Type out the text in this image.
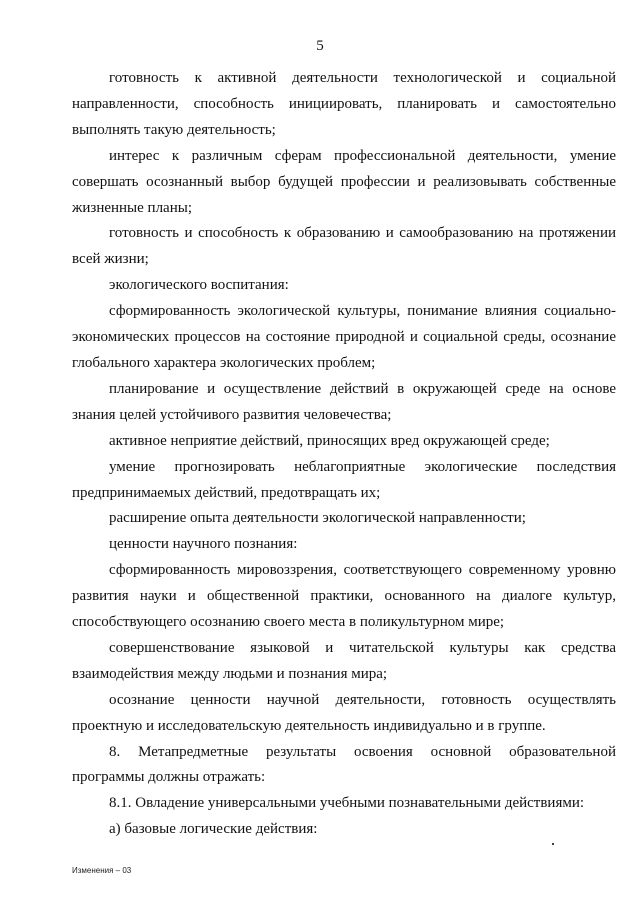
5

готовность к активной деятельности технологической и социальной направленности, способность инициировать, планировать и самостоятельно выполнять такую деятельность;

интерес к различным сферам профессиональной деятельности, умение совершать осознанный выбор будущей профессии и реализовывать собственные жизненные планы;

готовность и способность к образованию и самообразованию на протяжении всей жизни;

экологического воспитания:

сформированность экологической культуры, понимание влияния социально-экономических процессов на состояние природной и социальной среды, осознание глобального характера экологических проблем;

планирование и осуществление действий в окружающей среде на основе знания целей устойчивого развития человечества;

активное неприятие действий, приносящих вред окружающей среде;

умение прогнозировать неблагоприятные экологические последствия предпринимаемых действий, предотвращать их;

расширение опыта деятельности экологической направленности;

ценности научного познания:

сформированность мировоззрения, соответствующего современному уровню развития науки и общественной практики, основанного на диалоге культур, способствующего осознанию своего места в поликультурном мире;

совершенствование языковой и читательской культуры как средства взаимодействия между людьми и познания мира;

осознание ценности научной деятельности, готовность осуществлять проектную и исследовательскую деятельность индивидуально и в группе.

8. Метапредметные результаты освоения основной образовательной программы должны отражать:

8.1. Овладение универсальными учебными познавательными действиями:

а) базовые логические действия:

Изменения – 03
